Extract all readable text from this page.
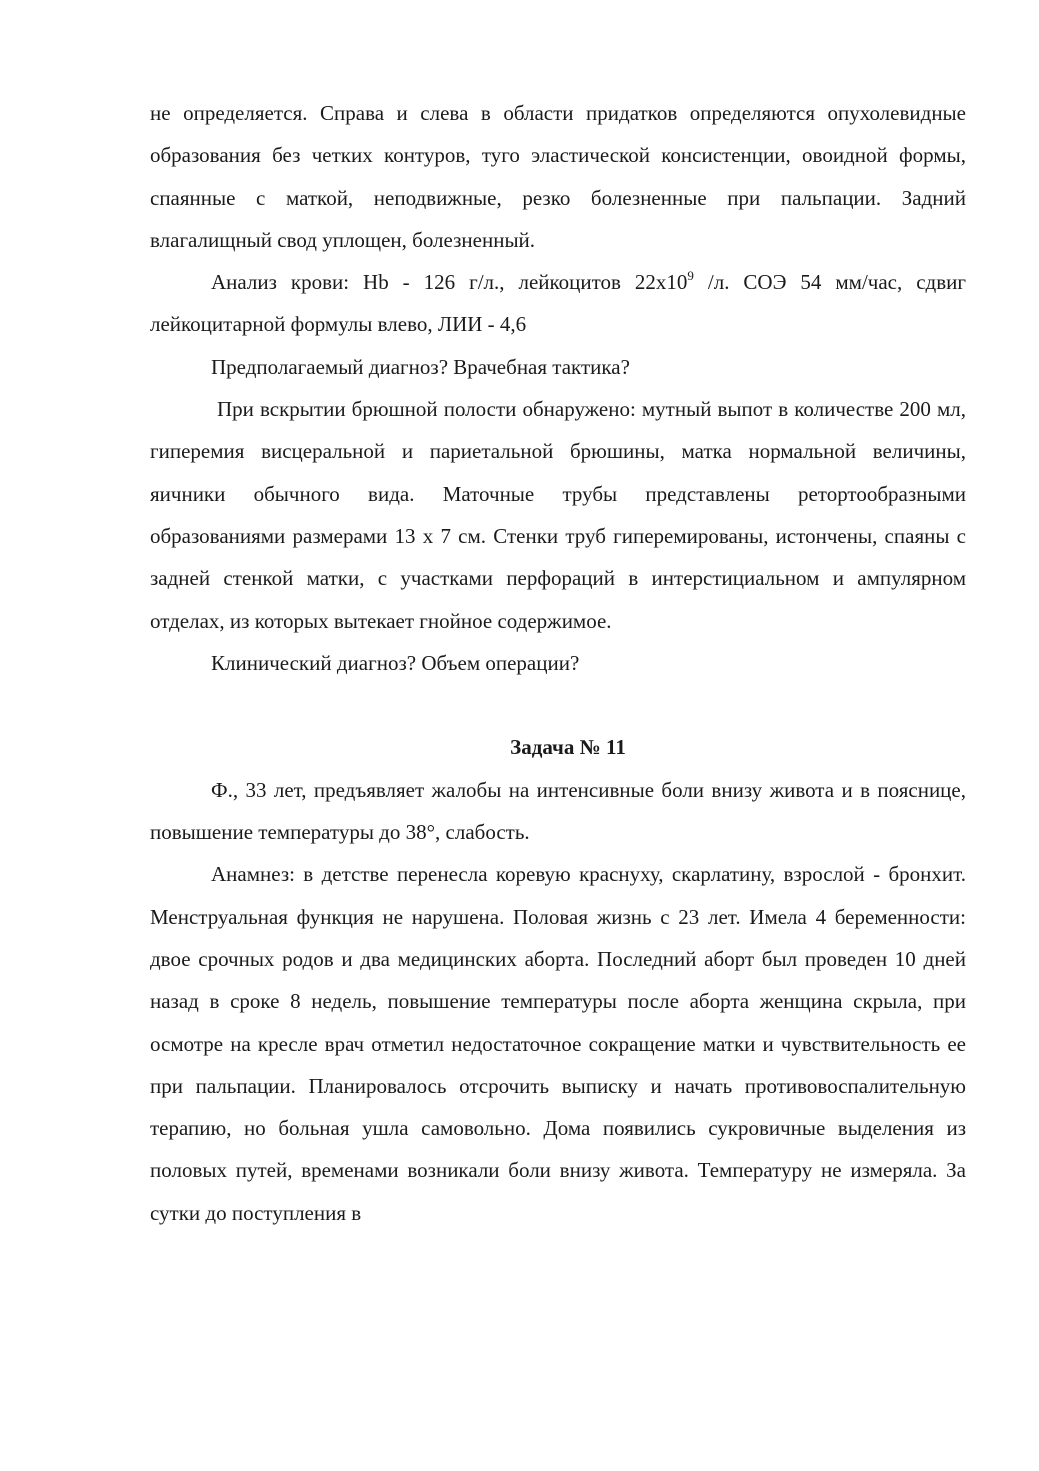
не определяется. Справа и слева в области придатков определяются опухолевидные образования без четких контуров, туго эластической консистенции, овоидной формы, спаянные с маткой, неподвижные, резко болезненные при пальпации. Задний влагалищный свод уплощен, болезненный.

Анализ крови: Hb - 126 г/л., лейкоцитов $22х10^9$ /л. СОЭ 54 мм/час, сдвиг лейкоцитарной формулы влево, ЛИИ - 4,6

Предполагаемый диагноз? Врачебная тактика?

При вскрытии брюшной полости обнаружено: мутный выпот в количестве 200 мл, гиперемия висцеральной и париетальной брюшины, матка нормальной величины, яичники обычного вида. Маточные трубы представлены ретортообразными образованиями размерами 13 х 7 см. Стенки труб гиперемированы, истончены, спаяны с задней стенкой матки, с участками перфораций в интерстициальном и ампулярном отделах, из которых вытекает гнойное содержимое.

Клинический диагноз? Объем операции?

Задача № 11

Ф., 33 лет, предъявляет жалобы на интенсивные боли внизу живота и в пояснице, повышение температуры до 38°, слабость.

Анамнез: в детстве перенесла коревую краснуху, скарлатину, взрослой - бронхит. Менструальная функция не нарушена. Половая жизнь с 23 лет. Имела 4 беременности: двое срочных родов и два медицинских аборта. Последний аборт был проведен 10 дней назад в сроке 8 недель, повышение температуры после аборта женщина скрыла, при осмотре на кресле врач отметил недостаточное сокращение матки и чувствительность ее при пальпации. Планировалось отсрочить выписку и начать противовоспалительную терапию, но больная ушла самовольно. Дома появились сукровичные выделения из половых путей, временами возникали боли внизу живота. Температуру не измеряла. За сутки до поступления в
